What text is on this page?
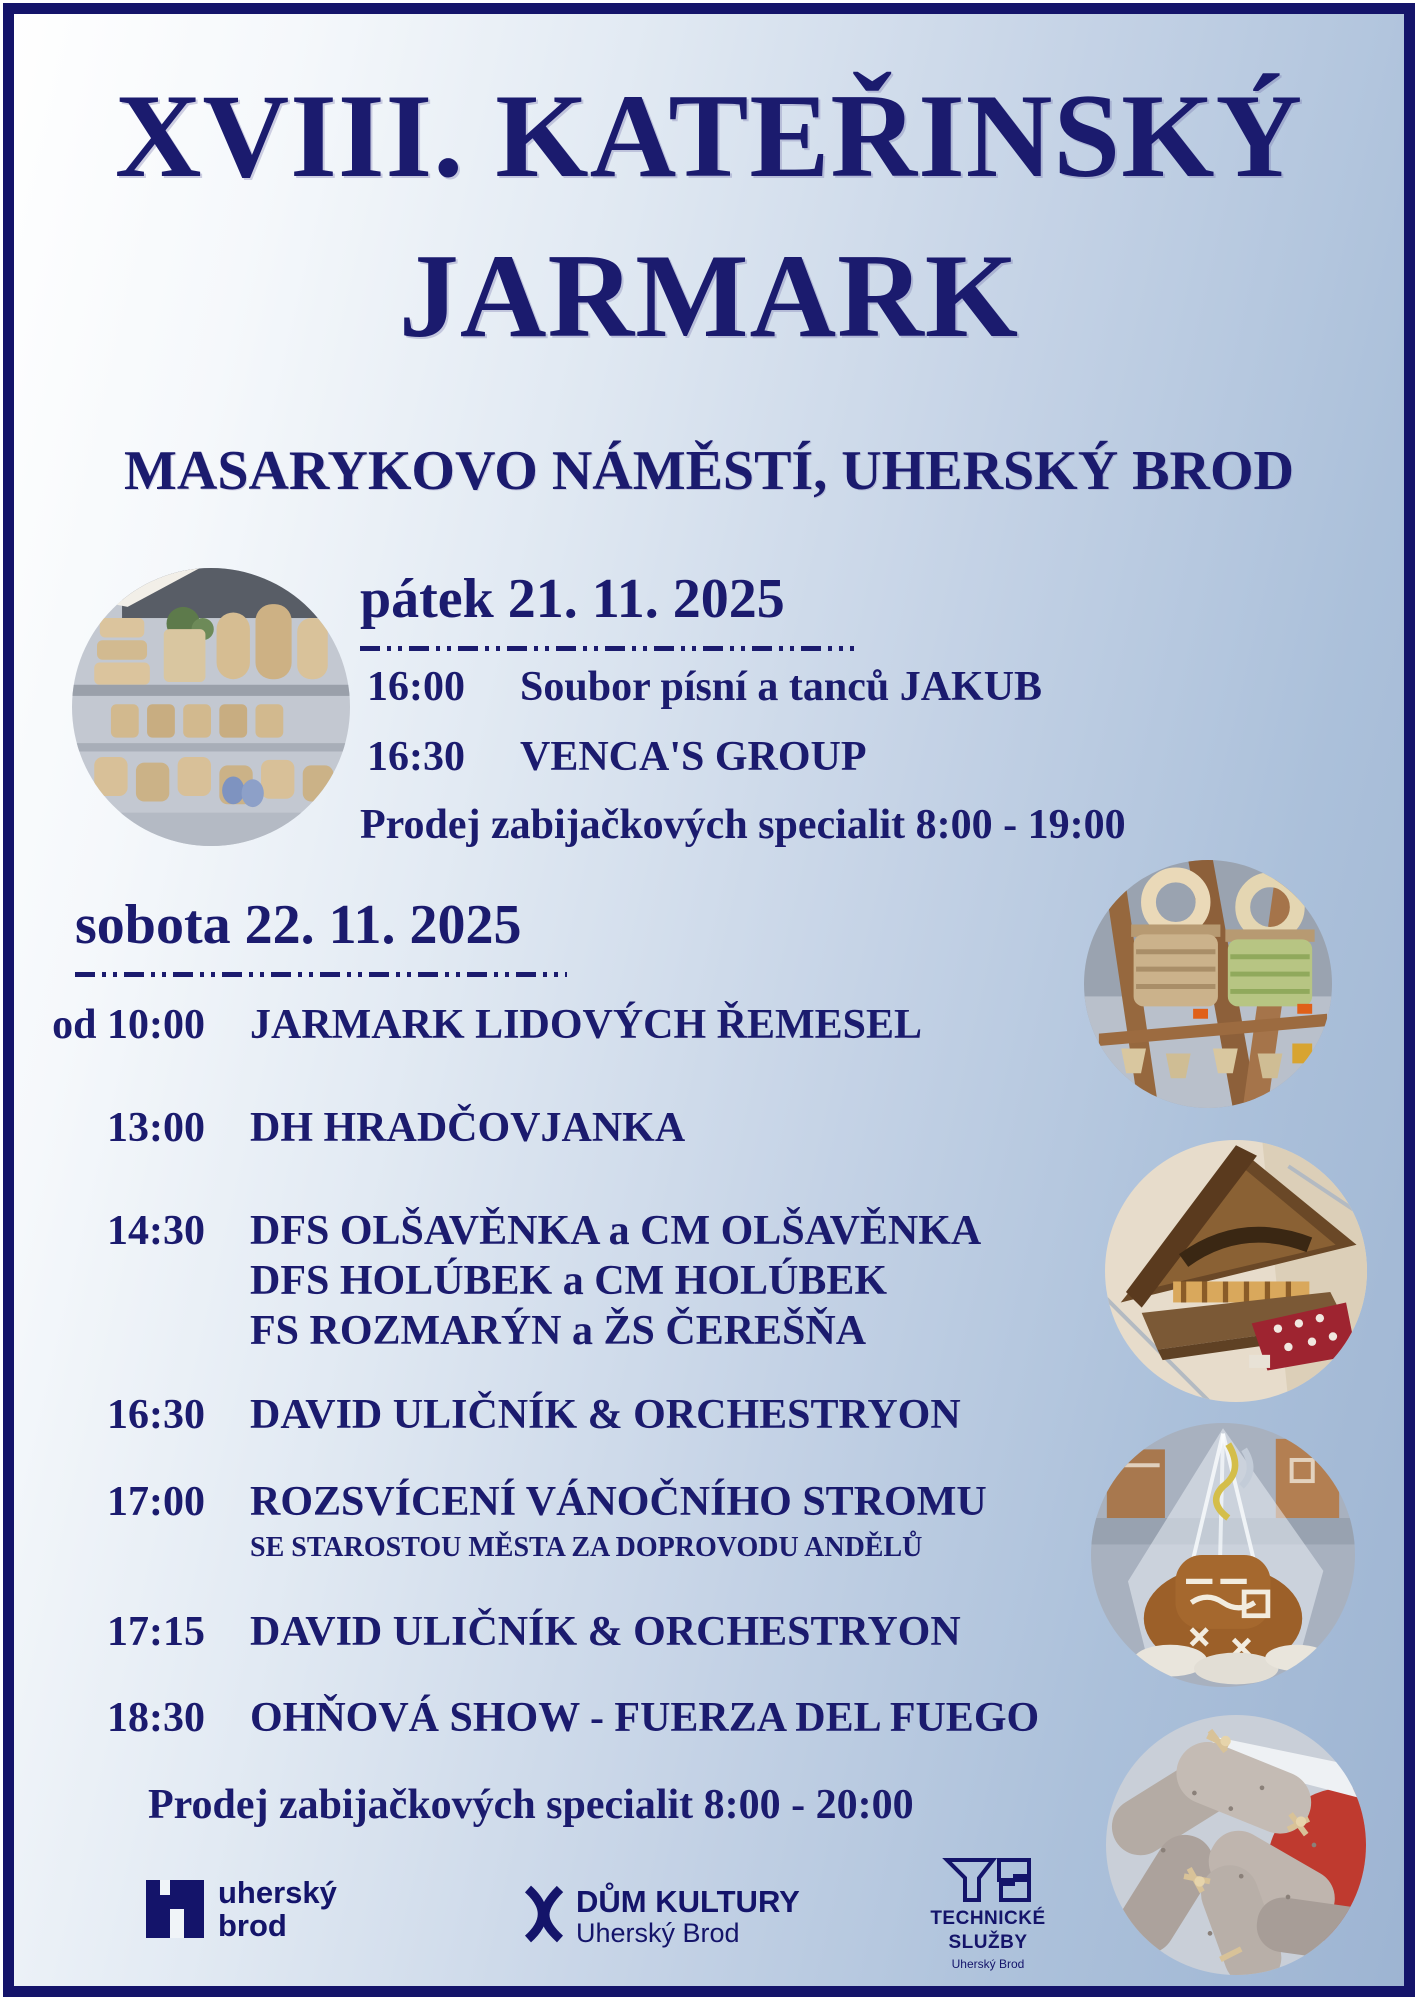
XVIII. KATEŘINSKÝ
JARMARK
MASARYKOVO NÁMĚSTÍ, UHERSKÝ BROD
pátek 21. 11. 2025
16:00 Soubor písní a tanců JAKUB
16:30 VENCA'S GROUP
Prodej zabijačkových specialit 8:00 - 19:00
sobota 22. 11. 2025
od 10:00 JARMARK LIDOVÝCH ŘEMESEL
13:00 DH HRADČOVJANKA
14:30 DFS OLŠAVĚNKA a CM OLŠAVĚNKA
DFS HOLÚBEK a CM HOLÚBEK
FS ROZMARÝN a ŽS ČEREŠŇA
16:30 DAVID ULIČNÍK & ORCHESTRYON
17:00 ROZSVÍCENÍ VÁNOČNÍHO STROMU
SE STAROSTOU MĚSTA ZA DOPROVODU ANDĚLŮ
17:15 DAVID ULIČNÍK & ORCHESTRYON
18:30 OHŇOVÁ SHOW - FUERZA DEL FUEGO
Prodej zabijačkových specialit 8:00 - 20:00
uherský
brod
DŮM KULTURY
Uherský Brod	TECHNICKÉ
SLUŽBY
Uherský Brod
